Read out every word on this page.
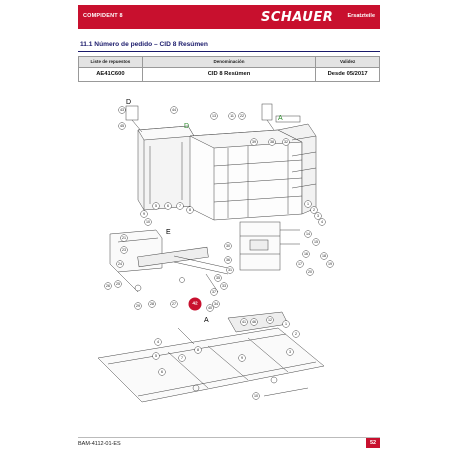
COMPIDENT 8	SCHAUER	Ersatzteile
11.1 Número de pedido – CID 8 Resúmen
Liste de repuestos	Denominación	Validez
AE41C600	CID 8 Resümen	Desde 05/2017
D
D
A
E
A
43	44
45
13	11 22
39	38	32
5	6	7
8
9
10
1
2
3
4
14
15
16
17
18
19
20
21
23
24
25
26
27
28
29
30
31
33
34
35
36
37
40
41 46	12
1
2
3
4
5
6
7
8
9
10
42
BAM-4112-01-ES	52
